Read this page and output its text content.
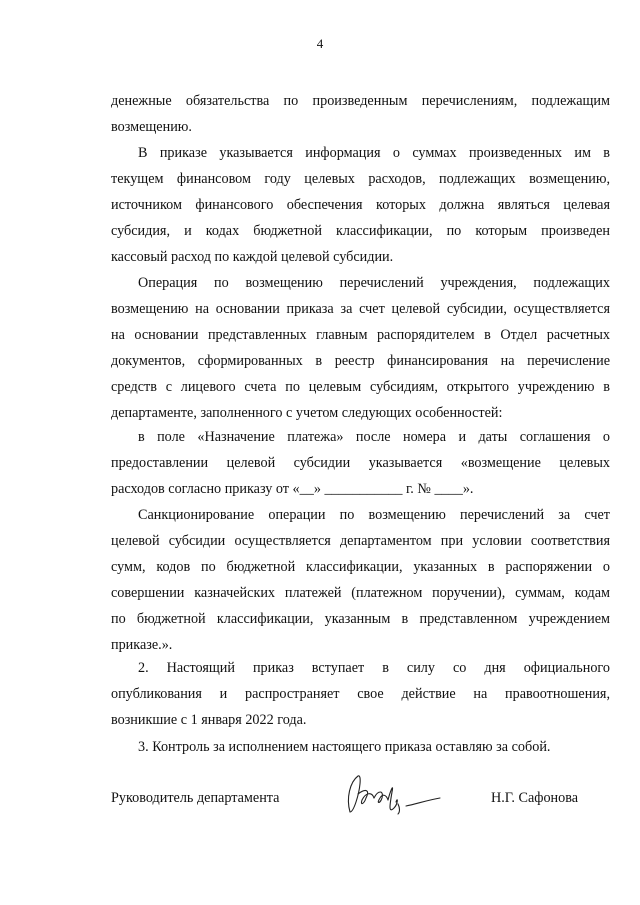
4
денежные обязательства по произведенным перечислениям, подлежащим
возмещению.
В приказе указывается информация о суммах произведенных им в
текущем финансовом году целевых расходов, подлежащих возмещению,
источником финансового обеспечения которых должна являться целевая
субсидия, и кодах бюджетной классификации, по которым произведен
кассовый расход по каждой целевой субсидии.
Операция по возмещению перечислений учреждения, подлежащих
возмещению на основании приказа за счет целевой субсидии, осуществляется
на основании представленных главным распорядителем в Отдел расчетных
документов, сформированных в реестр финансирования на перечисление
средств с лицевого счета по целевым субсидиям, открытого учреждению в
департаменте, заполненного с учетом следующих особенностей:
в поле «Назначение платежа» после номера и даты соглашения о
предоставлении целевой субсидии указывается «возмещение целевых
расходов согласно приказу от «__» ___________ г. № ____».
Санкционирование операции по возмещению перечислений за счет
целевой субсидии осуществляется департаментом при условии соответствия
сумм, кодов по бюджетной классификации, указанных в распоряжении о
совершении казначейских платежей (платежном поручении), суммам, кодам
по бюджетной классификации, указанным в представленном учреждением
приказе.».
2. Настоящий приказ вступает в силу со дня официального
опубликования и распространяет свое действие на правоотношения,
возникшие с 1 января 2022 года.
3. Контроль за исполнением настоящего приказа оставляю за собой.
Руководитель департамента	Н.Г. Сафонова
